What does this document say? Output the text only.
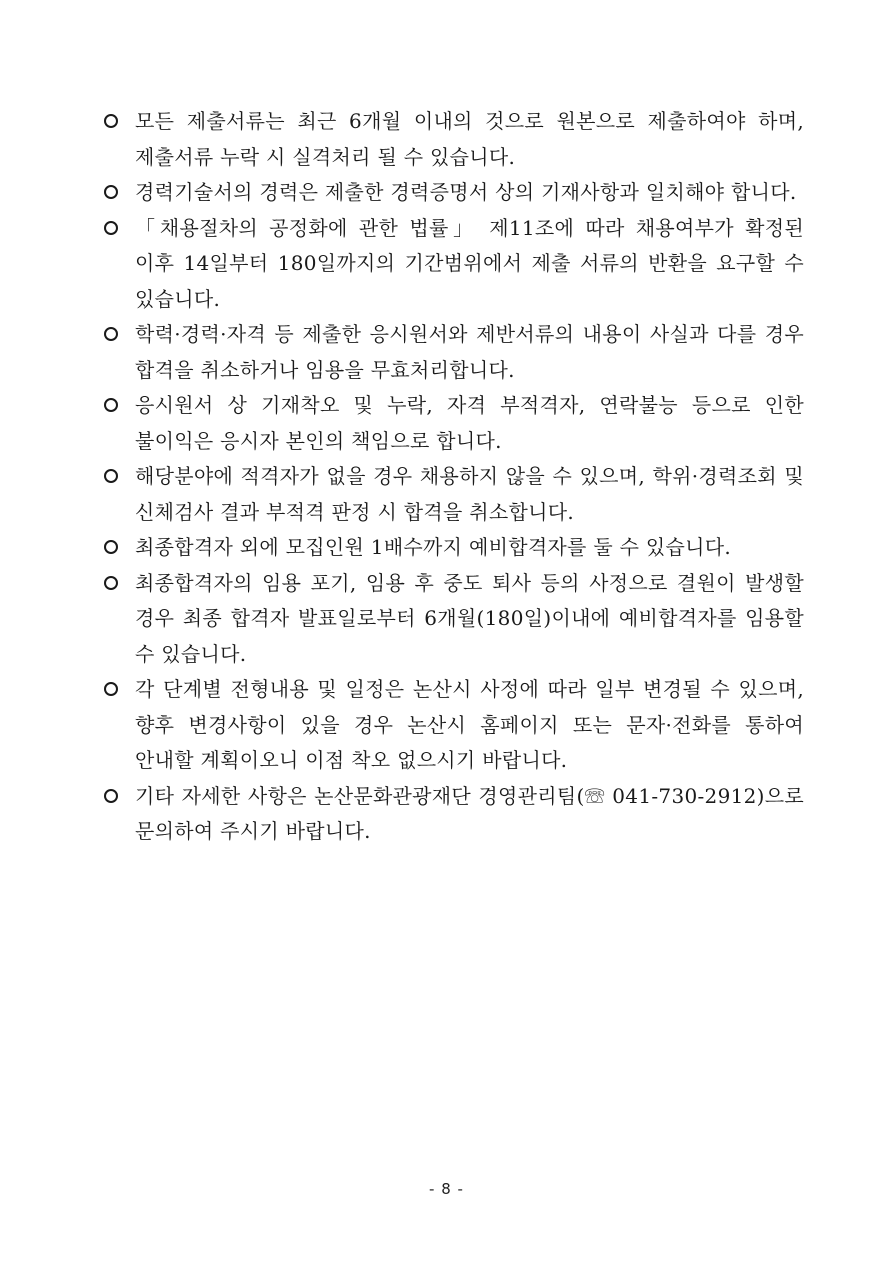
모든 제출서류는 최근 6개월 이내의 것으로 원본으로 제출하여야 하며, 제출서류 누락 시 실격처리 될 수 있습니다.
경력기술서의 경력은 제출한 경력증명서 상의 기재사항과 일치해야 합니다.
「채용절차의 공정화에 관한 법률」 제11조에 따라 채용여부가 확정된 이후 14일부터 180일까지의 기간범위에서 제출 서류의 반환을 요구할 수 있습니다.
학력·경력·자격 등 제출한 응시원서와 제반서류의 내용이 사실과 다를 경우 합격을 취소하거나 임용을 무효처리합니다.
응시원서 상 기재착오 및 누락, 자격 부적격자, 연락불능 등으로 인한 불이익은 응시자 본인의 책임으로 합니다.
해당분야에 적격자가 없을 경우 채용하지 않을 수 있으며, 학위·경력조회 및 신체검사 결과 부적격 판정 시 합격을 취소합니다.
최종합격자 외에 모집인원 1배수까지 예비합격자를 둘 수 있습니다.
최종합격자의 임용 포기, 임용 후 중도 퇴사 등의 사정으로 결원이 발생할 경우 최종 합격자 발표일로부터 6개월(180일)이내에 예비합격자를 임용할 수 있습니다.
각 단계별 전형내용 및 일정은 논산시 사정에 따라 일부 변경될 수 있으며, 향후 변경사항이 있을 경우 논산시 홈페이지 또는 문자·전화를 통하여 안내할 계획이오니 이점 착오 없으시기 바랍니다.
기타 자세한 사항은 논산문화관광재단 경영관리팀(☏ 041-730-2912)으로 문의하여 주시기 바랍니다.
- 8 -
